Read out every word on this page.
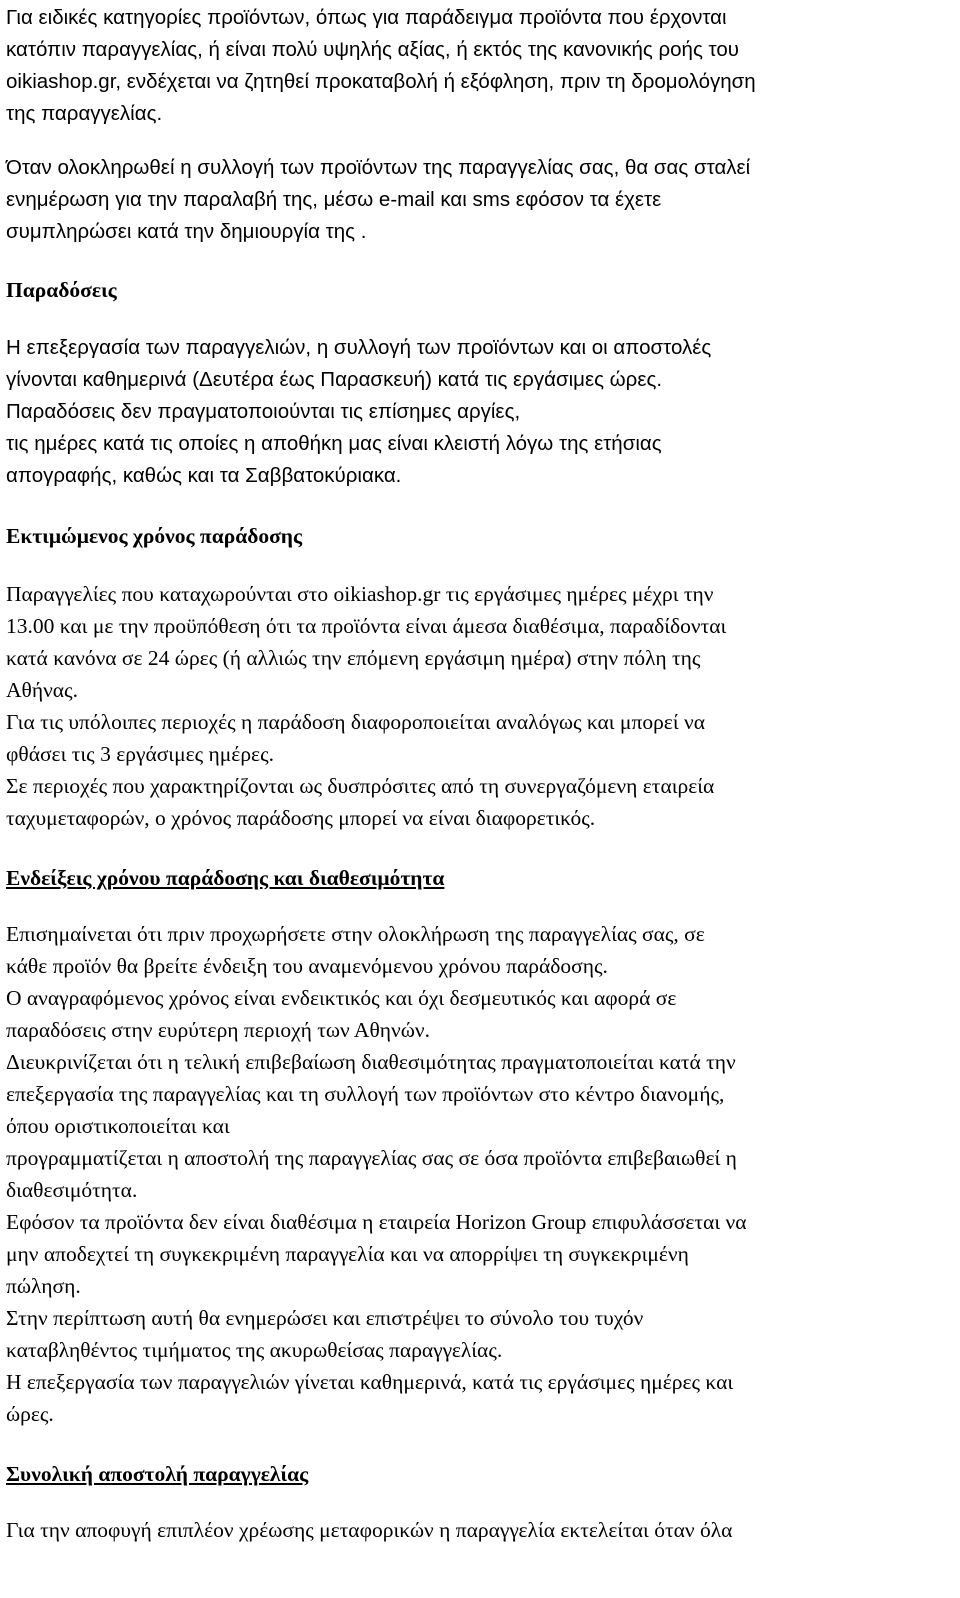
Για ειδικές κατηγορίες προϊόντων, όπως για παράδειγμα προϊόντα που έρχονται
κατόπιν παραγγελίας, ή είναι πολύ υψηλής αξίας, ή εκτός της κανονικής ροής του
oikiashop.gr, ενδέχεται να ζητηθεί προκαταβολή ή εξόφληση, πριν τη δρομολόγηση
της παραγγελίας.
Όταν ολοκληρωθεί η συλλογή των προϊόντων της παραγγελίας σας, θα σας σταλεί
ενημέρωση για την παραλαβή της, μέσω e-mail και sms εφόσον τα έχετε
συμπληρώσει κατά την δημιουργία της .
Παραδόσεις
Η επεξεργασία των παραγγελιών, η συλλογή των προϊόντων και οι αποστολές
γίνονται καθημερινά (Δευτέρα έως Παρασκευή) κατά τις εργάσιμες ώρες.
Παραδόσεις δεν πραγματοποιούνται τις επίσημες αργίες,
τις ημέρες κατά τις οποίες η αποθήκη μας είναι κλειστή λόγω της ετήσιας
απογραφής, καθώς και τα Σαββατοκύριακα.
Εκτιμώμενος χρόνος παράδοσης
Παραγγελίες που καταχωρούνται στο oikiashop.gr τις εργάσιμες ημέρες μέχρι την
13.00 και με την προϋπόθεση ότι τα προϊόντα είναι άμεσα διαθέσιμα, παραδίδονται
κατά κανόνα σε 24 ώρες (ή αλλιώς την επόμενη εργάσιμη ημέρα) στην πόλη της
Αθήνας.
Για τις υπόλοιπες περιοχές η παράδοση διαφοροποιείται αναλόγως και μπορεί να
φθάσει τις 3 εργάσιμες ημέρες.
Σε περιοχές που χαρακτηρίζονται ως δυσπρόσιτες από τη συνεργαζόμενη εταιρεία
ταχυμεταφορών, ο χρόνος παράδοσης μπορεί να είναι διαφορετικός.
Ενδείξεις χρόνου παράδοσης και διαθεσιμότητα
Επισημαίνεται ότι πριν προχωρήσετε στην ολοκλήρωση της παραγγελίας σας, σε
κάθε προϊόν θα βρείτε ένδειξη του αναμενόμενου χρόνου παράδοσης.
Ο αναγραφόμενος χρόνος είναι ενδεικτικός και όχι δεσμευτικός και αφορά σε
παραδόσεις στην ευρύτερη περιοχή των Αθηνών.
Διευκρινίζεται ότι η τελική επιβεβαίωση διαθεσιμότητας πραγματοποιείται κατά την
επεξεργασία της παραγγελίας και τη συλλογή των προϊόντων στο κέντρο διανομής,
όπου οριστικοποιείται και
προγραμματίζεται η αποστολή της παραγγελίας σας σε όσα προϊόντα επιβεβαιωθεί η
διαθεσιμότητα.
Εφόσον τα προϊόντα δεν είναι διαθέσιμα η εταιρεία Horizon Group επιφυλάσσεται να
μην αποδεχτεί τη συγκεκριμένη παραγγελία και να απορρίψει τη συγκεκριμένη
πώληση.
Στην περίπτωση αυτή θα ενημερώσει και επιστρέψει το σύνολο του τυχόν
καταβληθέντος τιμήματος της ακυρωθείσας παραγγελίας.
Η επεξεργασία των παραγγελιών γίνεται καθημερινά, κατά τις εργάσιμες ημέρες και
ώρες.
Συνολική αποστολή παραγγελίας
Για την αποφυγή επιπλέον χρέωσης μεταφορικών η παραγγελία εκτελείται όταν όλα
